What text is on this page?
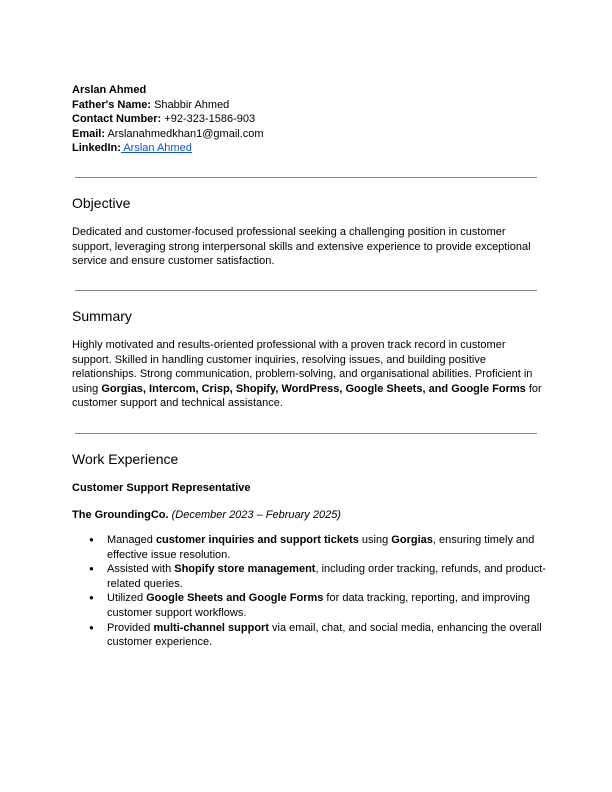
Arslan Ahmed
Father's Name: Shabbir Ahmed
Contact Number: +92-323-1586-903
Email: Arslanahmedkhan1@gmail.com
LinkedIn: Arslan Ahmed
Objective
Dedicated and customer-focused professional seeking a challenging position in customer support, leveraging strong interpersonal skills and extensive experience to provide exceptional service and ensure customer satisfaction.
Summary
Highly motivated and results-oriented professional with a proven track record in customer support. Skilled in handling customer inquiries, resolving issues, and building positive relationships. Strong communication, problem-solving, and organisational abilities. Proficient in using Gorgias, Intercom, Crisp, Shopify, WordPress, Google Sheets, and Google Forms for customer support and technical assistance.
Work Experience
Customer Support Representative
The GroundingCo. (December 2023 – February 2025)
● Managed customer inquiries and support tickets using Gorgias, ensuring timely and effective issue resolution.
● Assisted with Shopify store management, including order tracking, refunds, and product-related queries.
● Utilized Google Sheets and Google Forms for data tracking, reporting, and improving customer support workflows.
● Provided multi-channel support via email, chat, and social media, enhancing the overall customer experience.
